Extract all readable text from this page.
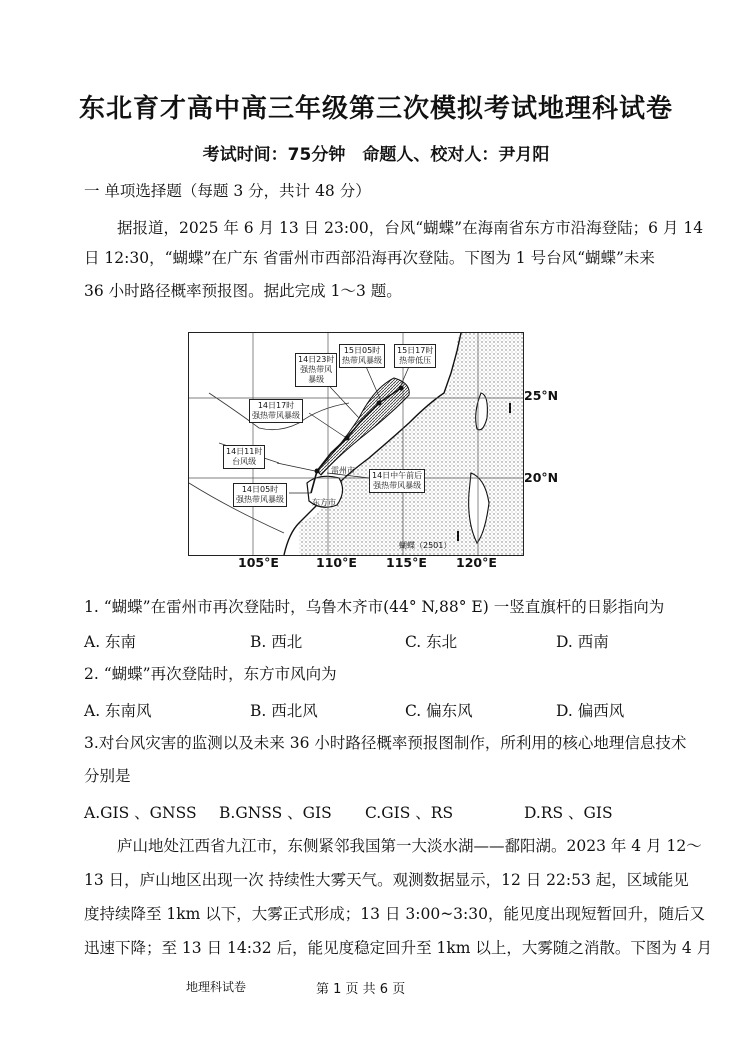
东北育才高中高三年级第三次模拟考试地理科试卷
考试时间：75分钟　命题人、校对人：尹月阳
一 单项选择题（每题 3 分，共计 48 分）
据报道，2025 年 6 月 13 日 23:00，台风“蝴蝶”在海南省东方市沿海登陆；6 月 14
日 12:30，“蝴蝶”在广东 省雷州市西部沿海再次登陆。下图为 1 号台风“蝴蝶”未来
36 小时路径概率预报图。据此完成 1～3 题。
14日23时
强热带风
暴级
15日05时
热带风暴级
15日17时
热带低压
14日17时
强热带风暴级
14日11时
台风级
14日05时
强热带风暴级
14日中午前后
强热带风暴级
雷州市
东方市
蝴蝶（2501）
25°N
20°N
105°E	110°E 115°E 120°E
1. “蝴蝶”在雷州市再次登陆时，乌鲁木齐市(44° N,88° E) 一竖直旗杆的日影指向为
A. 东南	B. 西北	C. 东北	D. 西南
2. “蝴蝶”再次登陆时，东方市风向为
A. 东南风	B. 西北风	C. 偏东风	D. 偏西风
3.对台风灾害的监测以及未来 36 小时路径概率预报图制作，所利用的核心地理信息技术
分别是
A.GIS 、GNSS B.GNSS 、GIS C.GIS 、RS	D.RS 、GIS
庐山地处江西省九江市，东侧紧邻我国第一大淡水湖——鄱阳湖。2023 年 4 月 12～
13 日，庐山地区出现一次 持续性大雾天气。观测数据显示，12 日 22:53 起，区域能见
度持续降至 1km 以下，大雾正式形成；13 日 3:00~3:30，能见度出现短暂回升，随后又
迅速下降；至 13 日 14:32 后，能见度稳定回升至 1km 以上，大雾随之消散。下图为 4 月
地理科试卷	第 1 页 共 6 页
